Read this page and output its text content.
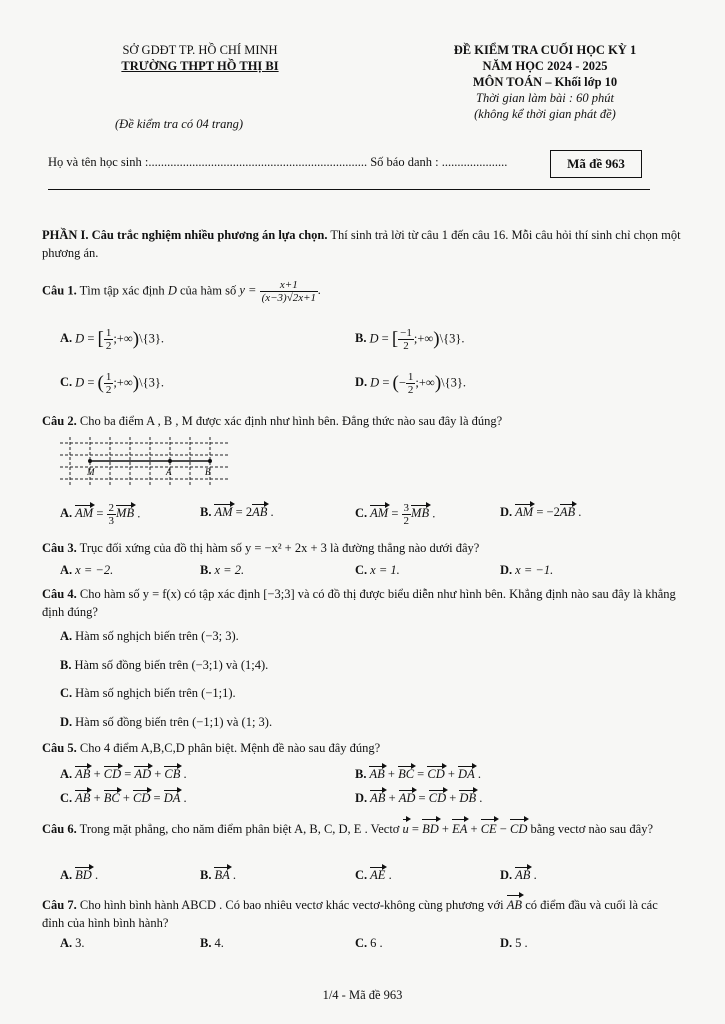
SỞ GDĐT TP. HỒ CHÍ MINH
TRƯỜNG THPT HỒ THỊ BI
(Đề kiểm tra có 04 trang)
ĐỀ KIỂM TRA CUỐI HỌC KỲ 1
NĂM HỌC 2024 - 2025
MÔN TOÁN – Khối lớp 10
Thời gian làm bài : 60 phút
(không kể thời gian phát đề)
Họ và tên học sinh :...................................................................... Số báo danh : .....................	Mã đề 963
PHẦN I. Câu trắc nghiệm nhiều phương án lựa chọn. Thí sinh trả lời từ câu 1 đến câu 16. Mỗi câu hỏi thí sinh chỉ chọn một phương án.
Câu 1. Tìm tập xác định D của hàm số $y = \frac{x+1}{(x-3)√2x+1}$ .
A. D = [ $\frac{1}{2}$ ;+∞)\{3}.	B. D = [ $\frac{-1}{2}$ ;+∞)\{3}.
C. D = ( $\frac{1}{2}$ ;+∞)\{3}.	D. D = (− $\frac{1}{2}$ ;+∞)\{3}.
Câu 2. Cho ba điểm A , B , M được xác định như hình bên. Đẳng thức nào sau đây là đúng?
M	A	B
A. AM = $\frac{2}{3}$ MB .	B. AM = 2AB .	C. AM = $\frac{3}{2}$ MB .	D. AM = −2AB .
Câu 3. Trục đối xứng của đồ thị hàm số y = −x² + 2x + 3 là đường thẳng nào dưới đây?
A. x = −2.	B. x = 2.	C. x = 1.	D. x = −1.
Câu 4. Cho hàm số y = f(x) có tập xác định [−3;3] và có đồ thị được biểu diễn như hình bên. Khẳng định nào sau đây là khẳng định đúng?
A. Hàm số nghịch biến trên (−3; 3).
B. Hàm số đồng biến trên (−3;1) và (1;4).
C. Hàm số nghịch biến trên (−1;1).
D. Hàm số đồng biến trên (−1;1) và (1; 3).
Câu 5. Cho 4 điểm A,B,C,D phân biệt. Mệnh đề nào sau đây đúng?
A. AB + CD = AD + CB .	B. AB + BC = CD + DA .
C. AB + BC + CD = DA .	D. AB + AD = CD + DB .
Câu 6. Trong mặt phẳng, cho năm điểm phân biệt A, B, C, D, E . Vectơ u = BD + EA + CE − CD bằng vectơ nào sau đây?
A. BD .	B. BA .	C. AE .	D. AB .
Câu 7. Cho hình bình hành ABCD . Có bao nhiêu vectơ khác vectơ-không cùng phương với AB có điểm đầu và cuối là các đỉnh của hình bình hành?
A. 3.	B. 4.	C. 6 .	D. 5 .
1/4 - Mã đề 963
